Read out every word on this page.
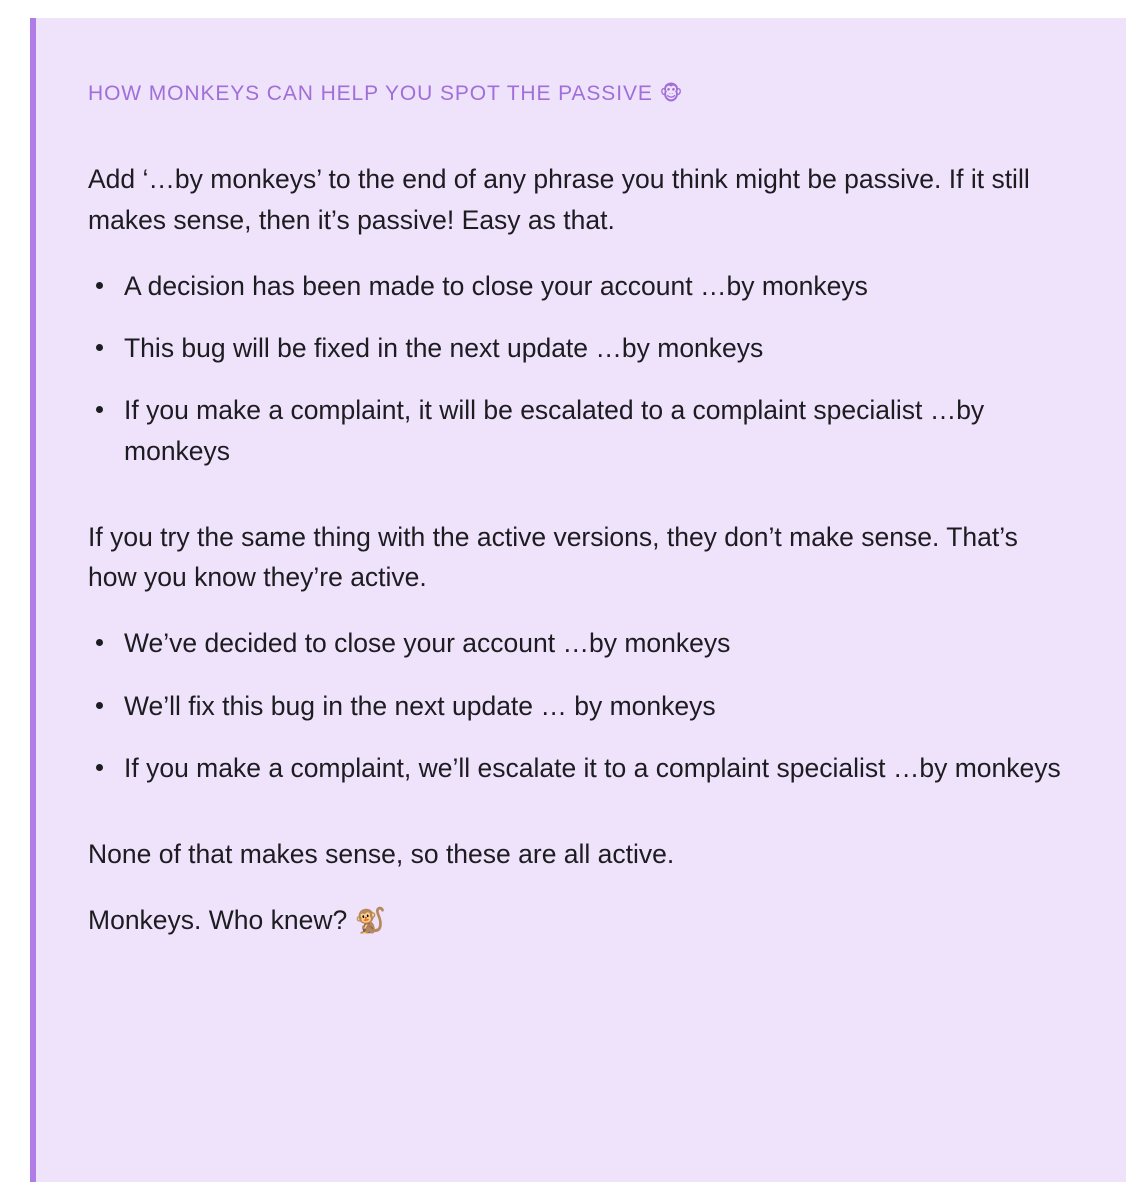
HOW MONKEYS CAN HELP YOU SPOT THE PASSIVE 🐵

Add ‘…by monkeys’ to the end of any phrase you think might be passive. If it still makes sense, then it’s passive! Easy as that.

A decision has been made to close your account …by monkeys
This bug will be fixed in the next update …by monkeys
If you make a complaint, it will be escalated to a complaint specialist …by monkeys

If you try the same thing with the active versions, they don’t make sense. That’s how you know they’re active.

We’ve decided to close your account …by monkeys
We’ll fix this bug in the next update … by monkeys
If you make a complaint, we’ll escalate it to a complaint specialist …by monkeys

None of that makes sense, so these are all active.

Monkeys. Who knew? 🐒
